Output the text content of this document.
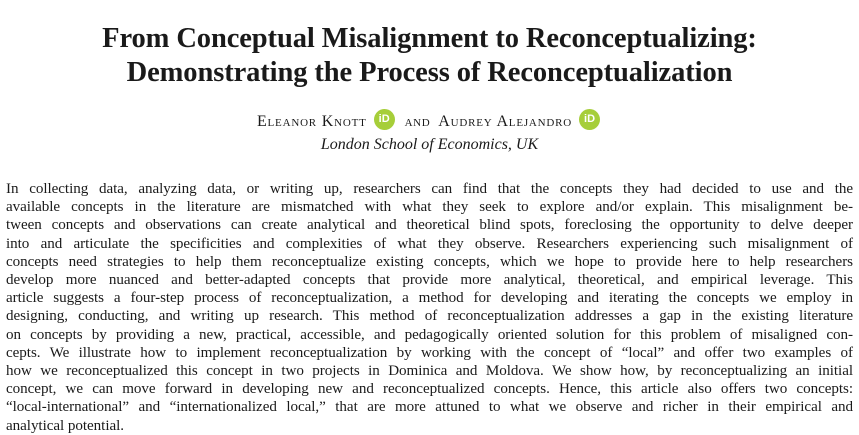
From Conceptual Misalignment to Reconceptualizing:
Demonstrating the Process of Reconceptualization
Eleanor Knott iD and Audrey Alejandro iD
London School of Economics, UK
In collecting data, analyzing data, or writing up, researchers can find that the concepts they had decided to use and the
available concepts in the literature are mismatched with what they seek to explore and/or explain. This misalignment be-
tween concepts and observations can create analytical and theoretical blind spots, foreclosing the opportunity to delve deeper
into and articulate the specificities and complexities of what they observe. Researchers experiencing such misalignment of
concepts need strategies to help them reconceptualize existing concepts, which we hope to provide here to help researchers
develop more nuanced and better-adapted concepts that provide more analytical, theoretical, and empirical leverage. This
article suggests a four-step process of reconceptualization, a method for developing and iterating the concepts we employ in
designing, conducting, and writing up research. This method of reconceptualization addresses a gap in the existing literature
on concepts by providing a new, practical, accessible, and pedagogically oriented solution for this problem of misaligned con-
cepts. We illustrate how to implement reconceptualization by working with the concept of “local” and offer two examples of
how we reconceptualized this concept in two projects in Dominica and Moldova. We show how, by reconceptualizing an initial
concept, we can move forward in developing new and reconceptualized concepts. Hence, this article also offers two concepts:
“local-international” and “internationalized local,” that are more attuned to what we observe and richer in their empirical and
analytical potential.
